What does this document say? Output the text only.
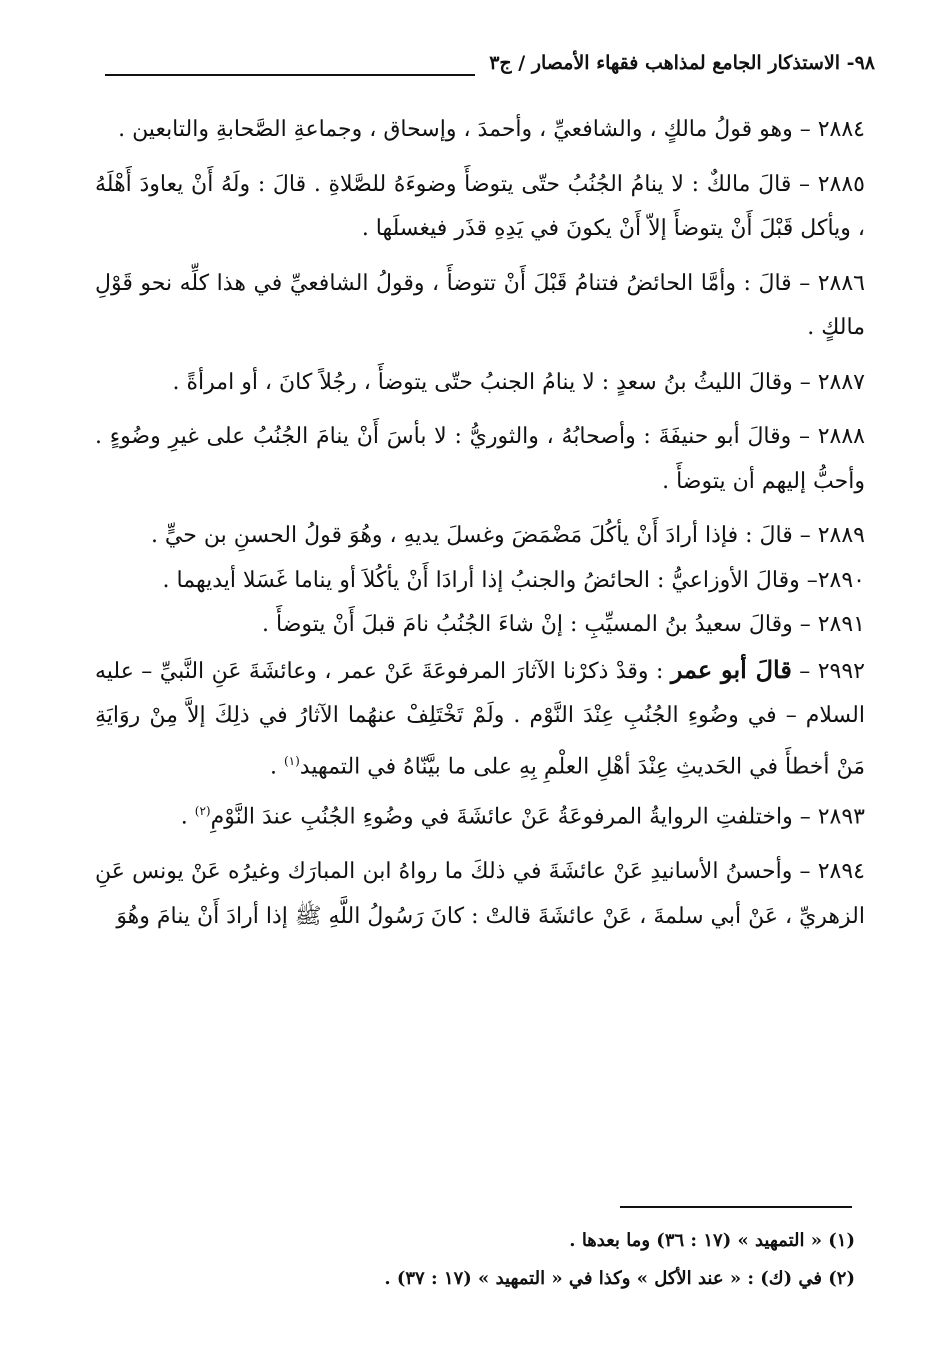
٩٨- الاستذكار الجامع لمذاهب فقهاء الأمصار / ج٣

٢٨٨٤ – وهو قولُ مالكٍ ، والشافعيِّ ، وأحمدَ ، وإسحاق ، وجماعةِ الصَّحابةِ والتابعين .

٢٨٨٥ – قالَ مالكٌ : لا ينامُ الجُنُبُ حتّى يتوضأَ وضوءَهُ للصَّلاةِ . قالَ : ولَهُ أَنْ يعاودَ أَهْلَهُ ، ويأكل قَبْلَ أَنْ يتوضأَ إلاّ أَنْ يكونَ في يَدِهِ قذَر فيغسلَها .

٢٨٨٦ – قالَ : وأمَّا الحائضُ فتنامُ قَبْلَ أَنْ تتوضأَ ، وقولُ الشافعيِّ في هذا كلِّه نحو قَوْلِ مالكٍ .

٢٨٨٧ – وقالَ الليثُ بنُ سعدٍ : لا ينامُ الجنبُ حتّى يتوضأَ ، رجُلاً كانَ ، أو امرأةً .

٢٨٨٨ – وقالَ أبو حنيفَةَ : وأصحابُهُ ، والثوريُّ : لا بأسَ أَنْ ينامَ الجُنُبُ على غيرِ وضُوءٍ . وأحبُّ إليهم أن يتوضأَ .

٢٨٨٩ – قالَ : فإذا أرادَ أَنْ يأكُلَ مَضْمَضَ وغسلَ يديهِ ، وهُوَ قولُ الحسنِ بن حيٍّ .

٢٨٩٠– وقالَ الأوزاعيُّ : الحائضُ والجنبُ إذا أرادَا أَنْ يأكُلاَ أو يناما غَسَلا أيديهما .

٢٨٩١ – وقالَ سعيدُ بنُ المسيِّبِ : إنْ شاءَ الجُنُبُ نامَ قبلَ أَنْ يتوضأَ .

٢٩٩٢ – قالَ أبو عمر : وقدْ ذكرْنا الآثارَ المرفوعَةَ عَنْ عمر ، وعائشَةَ عَنِ النَّبيِّ – عليه السلام – في وضُوءِ الجُنُبِ عِنْدَ النَّوْم . ولَمْ تَخْتَلِفْ عنهُما الآثارُ في ذلِكَ إلاَّ مِنْ روَايَةِ مَنْ أخطأَ في الحَديثِ عِنْدَ أهْلِ العلْمِ بِهِ على ما بيَّنّاهُ في التمهيد$^{(١)}$ .

٢٨٩٣ – واختلفتِ الروايةُ المرفوعَةُ عَنْ عائشَةَ في وضُوءِ الجُنُبِ عندَ النَّوْمِ$^{(٢)}$ .

٢٨٩٤ – وأحسنُ الأسانيدِ عَنْ عائشَةَ في ذلكَ ما رواهُ ابن المبارَك وغيرُه عَنْ يونس عَنِ الزهريِّ ، عَنْ أبي سلمةَ ، عَنْ عائشَةَ قالتْ : كانَ رَسُولُ اللَّهِ ﷺ إذا أرادَ أَنْ ينامَ وهُوَ

(١) « التمهيد » (١٧ : ٣٦) وما بعدها .

(٢) في (ك) : « عند الأكل » وكذا في « التمهيد » (١٧ : ٣٧) .
